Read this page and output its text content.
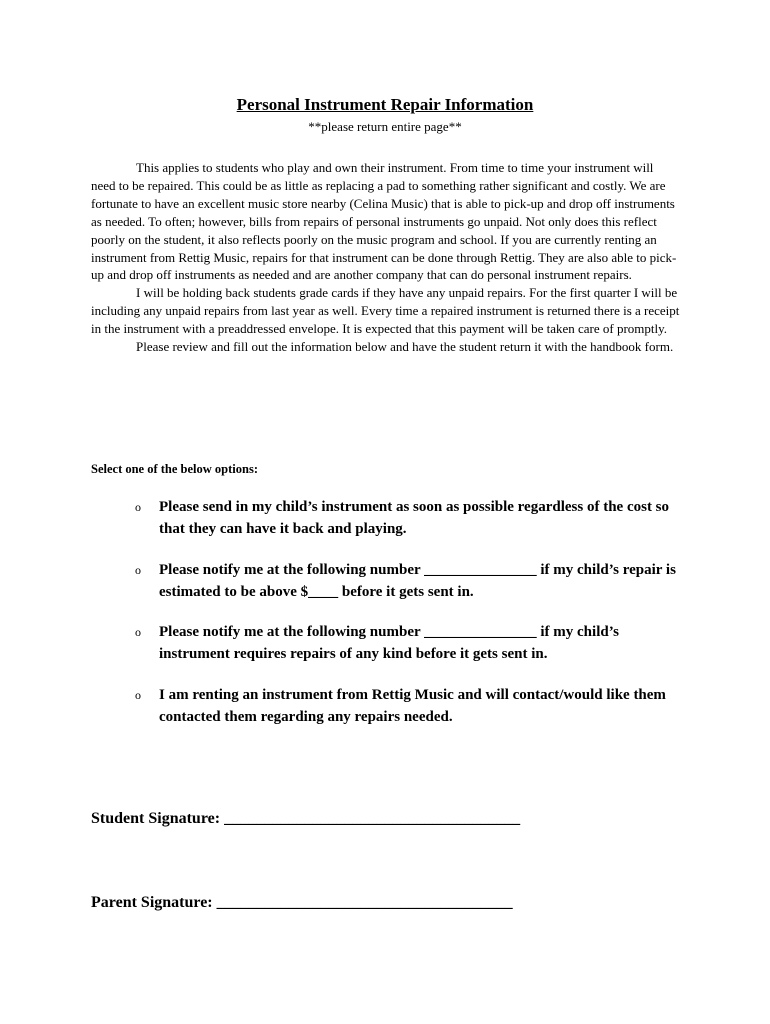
Personal Instrument Repair Information
**please return entire page**

This applies to students who play and own their instrument. From time to time your instrument will need to be repaired. This could be as little as replacing a pad to something rather significant and costly. We are fortunate to have an excellent music store nearby (Celina Music) that is able to pick-up and drop off instruments as needed. To often; however, bills from repairs of personal instruments go unpaid. Not only does this reflect poorly on the student, it also reflects poorly on the music program and school. If you are currently renting an instrument from Rettig Music, repairs for that instrument can be done through Rettig. They are also able to pick-up and drop off instruments as needed and are another company that can do personal instrument repairs.

I will be holding back students grade cards if they have any unpaid repairs. For the first quarter I will be including any unpaid repairs from last year as well. Every time a repaired instrument is returned there is a receipt in the instrument with a preaddressed envelope. It is expected that this payment will be taken care of promptly.

Please review and fill out the information below and have the student return it with the handbook form.

Select one of the below options:
o Please send in my child’s instrument as soon as possible regardless of the cost so that they can have it back and playing.
o Please notify me at the following number _______________ if my child’s repair is estimated to be above $____ before it gets sent in.
o Please notify me at the following number _______________ if my child’s instrument requires repairs of any kind before it gets sent in.
o I am renting an instrument from Rettig Music and will contact/would like them contacted them regarding any repairs needed.
Student Signature: _____________________________________
Parent Signature: _____________________________________
